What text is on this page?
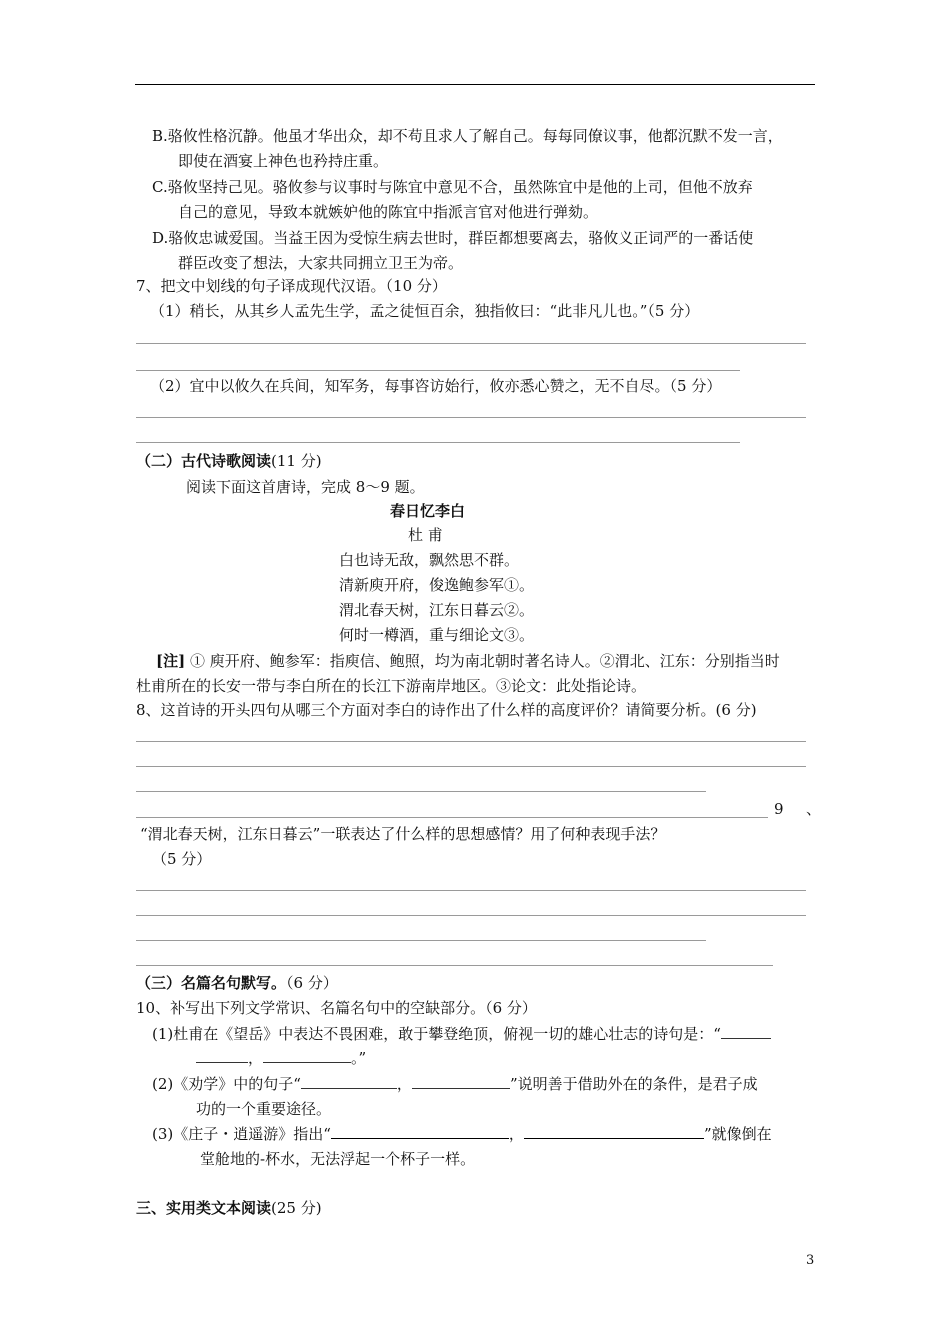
B.骆攸性格沉静。他虽才华出众，却不苟且求人了解自己。每每同僚议事，他都沉默不发一言，
即使在酒宴上神色也矜持庄重。
C.骆攸坚持己见。骆攸参与议事时与陈宜中意见不合，虽然陈宜中是他的上司，但他不放弃
自己的意见，导致本就嫉妒他的陈宜中指派言官对他进行弹劾。
D.骆攸忠诚爱国。当益王因为受惊生病去世时，群臣都想要离去，骆攸义正词严的一番话使
群臣改变了想法，大家共同拥立卫王为帝。
7、把文中划线的句子译成现代汉语。（10 分）
（1）稍长，从其乡人孟先生学，孟之徒恒百余，独指攸曰：“此非凡儿也。”（5 分）
（2）宜中以攸久在兵间，知军务，每事咨访始行，攸亦悉心赞之，无不自尽。（5 分）
（二）古代诗歌阅读(11 分)
阅读下面这首唐诗，完成 8～9 题。
春日忆李白
杜 甫
白也诗无敌，飘然思不群。
清新庾开府，俊逸鲍参军①。
渭北春天树，江东日暮云②。
何时一樽酒，重与细论文③。
[注] ① 庾开府、鲍参军：指庾信、鲍照，均为南北朝时著名诗人。②渭北、江东：分别指当时
杜甫所在的长安一带与李白所在的长江下游南岸地区。③论文：此处指论诗。
8、这首诗的开头四句从哪三个方面对李白的诗作出了什么样的高度评价？请简要分析。(6 分)
9 、
“渭北春天树，江东日暮云”一联表达了什么样的思想感情？用了何种表现手法？
（5 分）
（三）名篇名句默写。（6 分）
10、补写出下列文学常识、名篇名句中的空缺部分。（6 分）
(1)杜甫在《望岳》中表达不畏困难，敢于攀登绝顶，俯视一切的雄心壮志的诗句是：“
，	。”
(2)《劝学》中的句子“	，	”说明善于借助外在的条件，是君子成
功的一个重要途径。
(3)《庄子・逍遥游》指出“	，	”就像倒在
堂舱地的-杯水，无法浮起一个杯子一样。
三、实用类文本阅读(25 分)
3
